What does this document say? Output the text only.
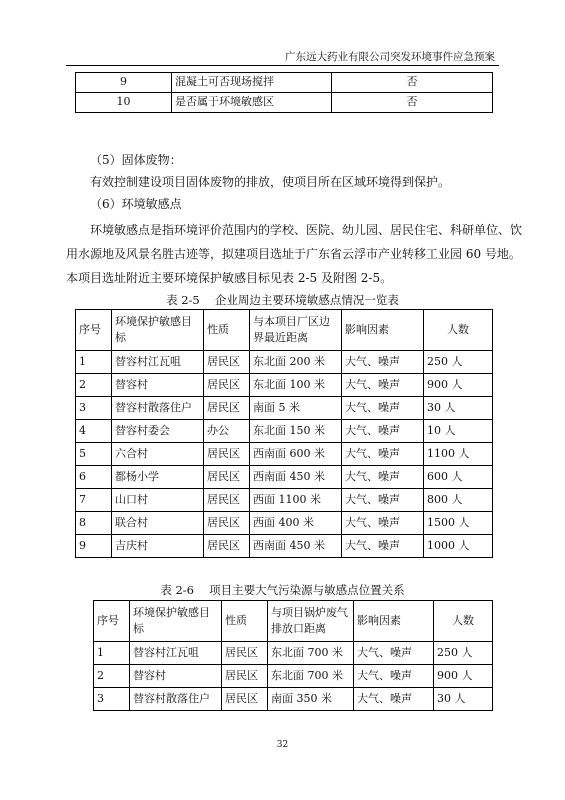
广东远大药业有限公司突发环境事件应急预案
9	混凝土可否现场搅拌	否
10	是否属于环境敏感区	否
（5）固体废物：
有效控制建设项目固体废物的排放，使项目所在区域环境得到保护。
（6）环境敏感点
环境敏感点是指环境评价范围内的学校、医院、幼儿园、居民住宅、科研单位、饮
用水源地及风景名胜古迹等，拟建项目选址于广东省云浮市产业转移工业园 60 号地。
本项目选址附近主要环境保护敏感目标见表 2-5 及附图 2-5。
表 2-5　 企业周边主要环境敏感点情况一览表
序号	环境保护敏感目标	性质	与本项目厂区边界最近距离	影响因素	人数
1	替容村江瓦咀	居民区	东北面 200 米	大气、噪声	250 人
2	替容村	居民区	东北面 100 米	大气、噪声	900 人
3	替容村散落住户	居民区	南面 5 米	大气、噪声	30 人
4	替容村委会	办公	东北面 150 米	大气、噪声	10 人
5	六合村	居民区	西南面 600 米	大气、噪声	1100 人
6	都杨小学	居民区	西南面 450 米	大气、噪声	600 人
7	山口村	居民区	西面 1100 米	大气、噪声	800 人
8	联合村	居民区	西面 400 米	大气、噪声	1500 人
9	吉庆村	居民区	西南面 450 米	大气、噪声	1000 人
表 2-6　 项目主要大气污染源与敏感点位置关系
序号	环境保护敏感目标	性质	与项目锅炉废气排放口距离	影响因素	人数
1	替容村江瓦咀	居民区	东北面 700 米	大气、噪声	250 人
2	替容村	居民区	东北面 700 米	大气、噪声	900 人
3	替容村散落住户	居民区	南面 350 米	大气、噪声	30 人
32
